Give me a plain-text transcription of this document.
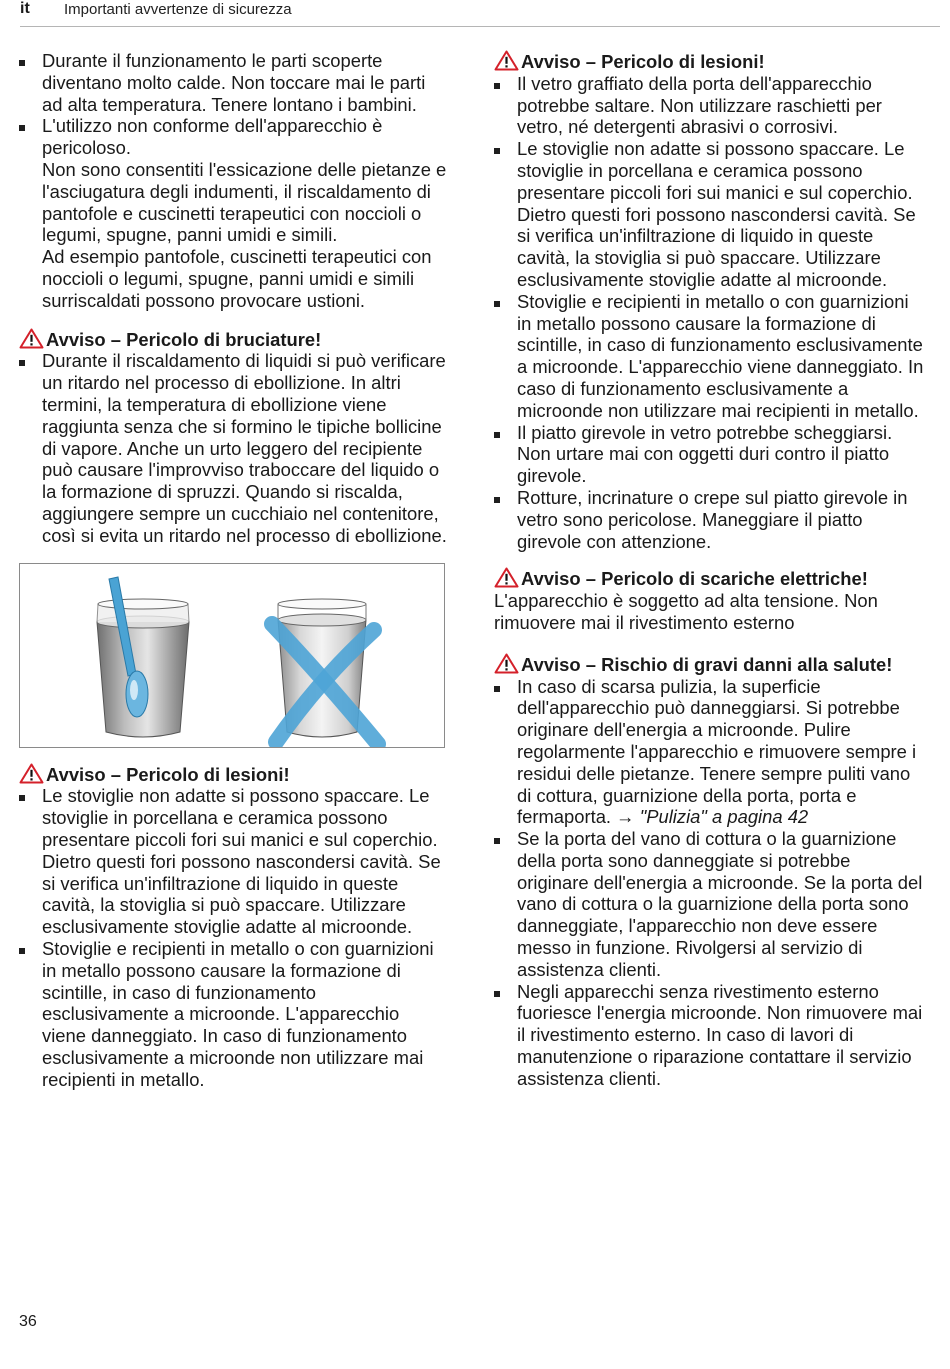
it Importanti avvertenze di sicurezza
Durante il funzionamento le parti scoperte diventano molto calde. Non toccare mai le parti ad alta temperatura. Tenere lontano i bambini.
L'utilizzo non conforme dell'apparecchio è pericoloso.
Non sono consentiti l'essicazione delle pietanze e l'asciugatura degli indumenti, il riscaldamento di pantofole e cuscinetti terapeutici con noccioli o legumi, spugne, panni umidi e simili.
Ad esempio pantofole, cuscinetti terapeutici con noccioli o legumi, spugne, panni umidi e simili surriscaldati possono provocare ustioni.
Avviso – Pericolo di bruciature!
Durante il riscaldamento di liquidi si può verificare un ritardo nel processo di ebollizione. In altri termini, la temperatura di ebollizione viene raggiunta senza che si formino le tipiche bollicine di vapore. Anche un urto leggero del recipiente può causare l'improvviso traboccare del liquido o la formazione di spruzzi. Quando si riscalda, aggiungere sempre un cucchiaio nel contenitore, così si evita un ritardo nel processo di ebollizione.
Avviso – Pericolo di lesioni!
Le stoviglie non adatte si possono spaccare. Le stoviglie in porcellana e ceramica possono presentare piccoli fori sui manici e sul coperchio. Dietro questi fori possono nascondersi cavità. Se si verifica un'infiltrazione di liquido in queste cavità, la stoviglia si può spaccare. Utilizzare esclusivamente stoviglie adatte al microonde.
Stoviglie e recipienti in metallo o con guarnizioni in metallo possono causare la formazione di scintille, in caso di funzionamento esclusivamente a microonde. L'apparecchio viene danneggiato. In caso di funzionamento esclusivamente a microonde non utilizzare mai recipienti in metallo.
Avviso – Pericolo di lesioni!
Il vetro graffiato della porta dell'apparecchio potrebbe saltare. Non utilizzare raschietti per vetro, né detergenti abrasivi o corrosivi.
Le stoviglie non adatte si possono spaccare. Le stoviglie in porcellana e ceramica possono presentare piccoli fori sui manici e sul coperchio. Dietro questi fori possono nascondersi cavità. Se si verifica un'infiltrazione di liquido in queste cavità, la stoviglia si può spaccare. Utilizzare esclusivamente stoviglie adatte al microonde.
Stoviglie e recipienti in metallo o con guarnizioni in metallo possono causare la formazione di scintille, in caso di funzionamento esclusivamente a microonde. L'apparecchio viene danneggiato. In caso di funzionamento esclusivamente a microonde non utilizzare mai recipienti in metallo.
Il piatto girevole in vetro potrebbe scheggiarsi. Non urtare mai con oggetti duri contro il piatto girevole.
Rotture, incrinature o crepe sul piatto girevole in vetro sono pericolose. Maneggiare il piatto girevole con attenzione.
Avviso – Pericolo di scariche elettriche!
L'apparecchio è soggetto ad alta tensione. Non rimuovere mai il rivestimento esterno
Avviso – Rischio di gravi danni alla salute!
In caso di scarsa pulizia, la superficie dell'apparecchio può danneggiarsi. Si potrebbe originare dell'energia a microonde. Pulire regolarmente l'apparecchio e rimuovere sempre i residui delle pietanze. Tenere sempre puliti vano di cottura, guarnizione della porta, porta e fermaporta. → "Pulizia" a pagina 42
Se la porta del vano di cottura o la guarnizione della porta sono danneggiate si potrebbe originare dell'energia a microonde. Se la porta del vano di cottura o la guarnizione della porta sono danneggiate, l'apparecchio non deve essere messo in funzione. Rivolgersi al servizio di assistenza clienti.
Negli apparecchi senza rivestimento esterno fuoriesce l'energia microonde. Non rimuovere mai il rivestimento esterno. In caso di lavori di manutenzione o riparazione contattare il servizio assistenza clienti.
36
